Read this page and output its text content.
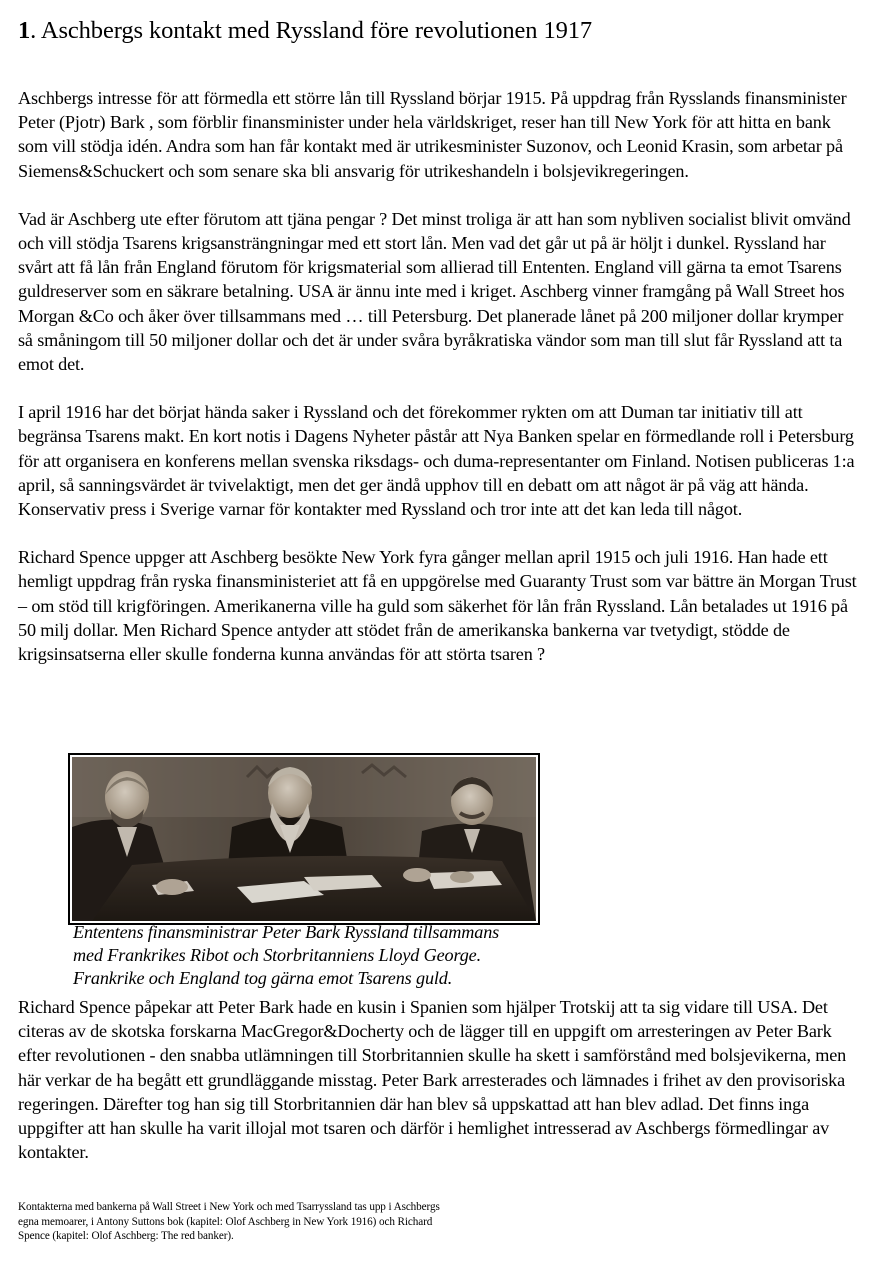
1. Aschbergs kontakt med Ryssland före revolutionen 1917

Aschbergs intresse för att förmedla ett större lån till Ryssland börjar 1915. På uppdrag från Rysslands finansminister Peter (Pjotr) Bark , som förblir finansminister under hela världskriget, reser han till New York för att hitta en bank som vill stödja idén. Andra som han får kontakt med är utrikesminister Suzonov, och Leonid Krasin, som arbetar på Siemens&Schuckert och som senare ska bli ansvarig för utrikeshandeln i bolsjevikregeringen.

Vad är Aschberg ute efter förutom att tjäna pengar ? Det minst troliga är att han som nybliven socialist blivit omvänd och vill stödja Tsarens krigsansträngningar med ett stort lån. Men vad det går ut på är höljt i dunkel. Ryssland har svårt att få lån från England förutom för krigsmaterial som allierad till Ententen. England vill gärna ta emot Tsarens guldreserver som en säkrare betalning. USA är ännu inte med i kriget. Aschberg vinner framgång på Wall Street hos Morgan &Co och åker över tillsammans med … till Petersburg. Det planerade lånet på 200 miljoner dollar krymper så småningom till 50 miljoner dollar och det är under svåra byråkratiska vändor som man till slut får Ryssland att ta emot det.

I april 1916 har det börjat hända saker i Ryssland och det förekommer rykten om att Duman tar initiativ till att begränsa Tsarens makt. En kort notis i Dagens Nyheter påstår att Nya Banken spelar en förmedlande roll i Petersburg för att organisera en konferens mellan svenska riksdags- och duma-representanter om Finland. Notisen publiceras 1:a april, så sanningsvärdet är tvivelaktigt, men det ger ändå upphov till en debatt om att något är på väg att hända. Konservativ press i Sverige varnar för kontakter med Ryssland och tror inte att det kan leda till något.

Richard Spence uppger att Aschberg besökte New York fyra gånger mellan april 1915 och juli 1916. Han hade ett hemligt uppdrag från ryska finansministeriet att få en uppgörelse med Guaranty Trust som var bättre än Morgan Trust – om stöd till krigföringen. Amerikanerna ville ha guld som säkerhet för lån från Ryssland. Lån betalades ut 1916 på 50 milj dollar. Men Richard Spence antyder att stödet från de amerikanska bankerna var tvetydigt, stödde de krigsinsatserna eller skulle fonderna kunna användas för att störta tsaren ?

Ententens finansministrar Peter Bark Ryssland tillsammans
med Frankrikes Ribot och Storbritanniens Lloyd George.
Frankrike och England tog gärna emot Tsarens guld.

Richard Spence påpekar att Peter Bark hade en kusin i Spanien som hjälper Trotskij att ta sig vidare till USA. Det citeras av de skotska forskarna MacGregor&Docherty och de lägger till en uppgift om arresteringen av Peter Bark efter revolutionen - den snabba utlämningen till Storbritannien skulle ha skett i samförstånd med bolsjevikerna, men här verkar de ha begått ett grundläggande misstag. Peter Bark arresterades och lämnades i frihet av den provisoriska regeringen. Därefter tog han sig till Storbritannien där han blev så uppskattad att han blev adlad. Det finns inga uppgifter att han skulle ha varit illojal mot tsaren och därför i hemlighet intresserad av Aschbergs förmedlingar av kontakter.

Kontakterna med bankerna på Wall Street i New York och med Tsarryssland tas upp i Aschbergs
egna memoarer, i Antony Suttons bok (kapitel: Olof Aschberg in New York 1916) och Richard
Spence (kapitel: Olof Aschberg: The red banker).
